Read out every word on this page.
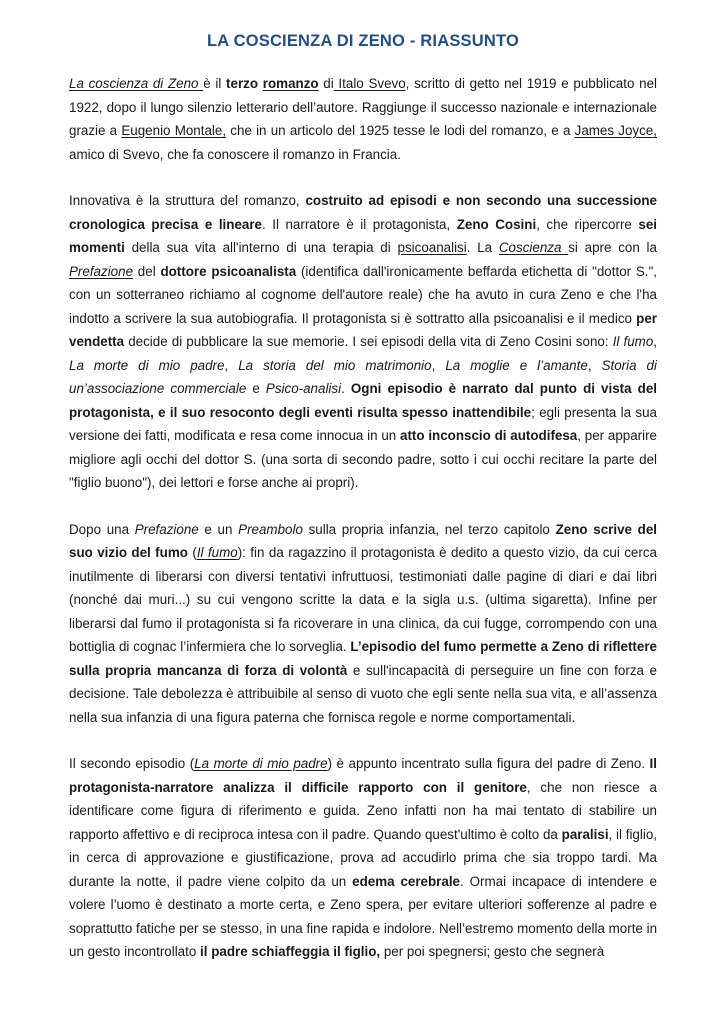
LA COSCIENZA DI ZENO - RIASSUNTO

La coscienza di Zeno è il terzo romanzo di Italo Svevo, scritto di getto nel 1919 e pubblicato nel 1922, dopo il lungo silenzio letterario dell’autore. Raggiunge il successo nazionale e internazionale grazie a Eugenio Montale, che in un articolo del 1925 tesse le lodi del romanzo, e a James Joyce, amico di Svevo, che fa conoscere il romanzo in Francia.

Innovativa è la struttura del romanzo, costruito ad episodi e non secondo una successione cronologica precisa e lineare. Il narratore è il protagonista, Zeno Cosini, che ripercorre sei momenti della sua vita all'interno di una terapia di psicoanalisi. La Coscienza si apre con la Prefazione del dottore psicoanalista (identifica dall'ironicamente beffarda etichetta di "dottor S.", con un sotterraneo richiamo al cognome dell'autore reale) che ha avuto in cura Zeno e che l'ha indotto a scrivere la sua autobiografia. Il protagonista si è sottratto alla psicoanalisi e il medico per vendetta decide di pubblicare la sue memorie. I sei episodi della vita di Zeno Cosini sono: Il fumo, La morte di mio padre, La storia del mio matrimonio, La moglie e l’amante, Storia di un’associazione commerciale e Psico-analisi. Ogni episodio è narrato dal punto di vista del protagonista, e il suo resoconto degli eventi risulta spesso inattendibile; egli presenta la sua versione dei fatti, modificata e resa come innocua in un atto inconscio di autodifesa, per apparire migliore agli occhi del dottor S. (una sorta di secondo padre, sotto i cui occhi recitare la parte del "figlio buono"), dei lettori e forse anche ai propri).

Dopo una Prefazione e un Preambolo sulla propria infanzia, nel terzo capitolo Zeno scrive del suo vizio del fumo (Il fumo): fin da ragazzino il protagonista è dedito a questo vizio, da cui cerca inutilmente di liberarsi con diversi tentativi infruttuosi, testimoniati dalle pagine di diari e dai libri (nonché dai muri...) su cui vengono scritte la data e la sigla u.s. (ultima sigaretta). Infine per liberarsi dal fumo il protagonista si fa ricoverare in una clinica, da cui fugge, corrompendo con una bottiglia di cognac l’infermiera che lo sorveglia. L’episodio del fumo permette a Zeno di riflettere sulla propria mancanza di forza di volontà e sull'incapacità di perseguire un fine con forza e decisione. Tale debolezza è attribuibile al senso di vuoto che egli sente nella sua vita, e all’assenza nella sua infanzia di una figura paterna che fornisca regole e norme comportamentali.

Il secondo episodio (La morte di mio padre) è appunto incentrato sulla figura del padre di Zeno. Il protagonista-narratore analizza il difficile rapporto con il genitore, che non riesce a identificare come figura di riferimento e guida. Zeno infatti non ha mai tentato di stabilire un rapporto affettivo e di reciproca intesa con il padre. Quando quest'ultimo è colto da paralisi, il figlio, in cerca di approvazione e giustificazione, prova ad accudirlo prima che sia troppo tardi. Ma durante la notte, il padre viene colpito da un edema cerebrale. Ormai incapace di intendere e volere l’uomo è destinato a morte certa, e Zeno spera, per evitare ulteriori sofferenze al padre e soprattutto fatiche per se stesso, in una fine rapida e indolore. Nell’estremo momento della morte in un gesto incontrollato il padre schiaffeggia il figlio, per poi spegnersi; gesto che segnerà
